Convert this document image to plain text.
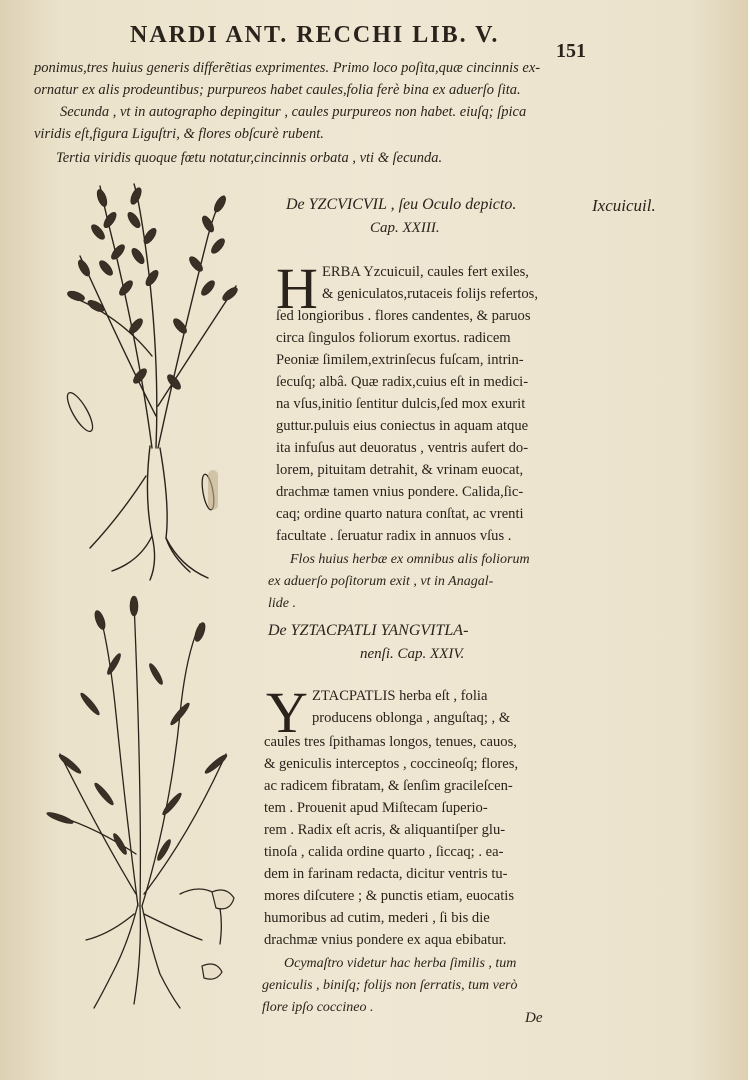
NARDI ANT. RECCHI LIB. V.
151
ponimus,tres huius generis differẽtias exprimentes. Primo loco poſita,quæ cincinnis ex-
ornatur ex alis prodeuntibus; purpureos habet caules,folia ferè bina ex aduerſo ſita.
Secunda , vt in autographo depingitur , caules purpureos non habet. eiuſq; ſpica
viridis eſt,figura Liguſtri, & flores obſcurè rubent.
Tertia viridis quoque fœtu notatur,cincinnis orbata , vti & ſecunda.
Ixcuicuil.
De YZCVICVIL , ſeu Oculo depicto.
Cap. XXIII.
H ERBA Yzcuicuil, caules fert exiles,
& geniculatos,rutaceis folijs refertos,
ſed longioribus . flores candentes, & paruos
circa ſingulos foliorum exortus. radicem
Peoniæ ſimilem,extrinſecus fuſcam, intrin-
ſecuſq; albâ. Quæ radix,cuius eſt in medici-
na vſus,initio ſentitur dulcis,ſed mox exurit
guttur.puluis eius coniectus in aquam atque
ita infuſus aut deuoratus , ventris aufert do-
lorem, pituitam detrahit, & vrinam euocat,
drachmæ tamen vnius pondere. Calida,ſic-
caq; ordine quarto natura conſtat, ac vrenti
facultate . ſeruatur radix in annuos vſus .
Flos huius herbæ ex omnibus alis foliorum
ex aduerſo poſitorum exit , vt in Anagal-
lide .
De YZTACPATLI YANGVITLA-
nenſi. Cap. XXIV.
Y ZTACPATLIS herba eſt , folia
producens oblonga , anguſtaq; , &
caules tres ſpithamas longos, tenues, cauos,
& geniculis interceptos , coccineoſq; flores,
ac radicem fibratam, & ſenſim gracileſcen-
tem . Prouenit apud Miſtecam ſuperio-
rem . Radix eſt acris, & aliquantiſper glu-
tinoſa , calida ordine quarto , ſiccaq; . ea-
dem in farinam redacta, dicitur ventris tu-
mores diſcutere ; & punctis etiam, euocatis
humoribus ad cutim, mederi , ſi bis die
drachmæ vnius pondere ex aqua ebibatur.
Ocymaſtro videtur hac herba ſimilis , tum
geniculis , biniſq; folijs non ſerratis, tum verò
flore ipſo coccineo .
De
